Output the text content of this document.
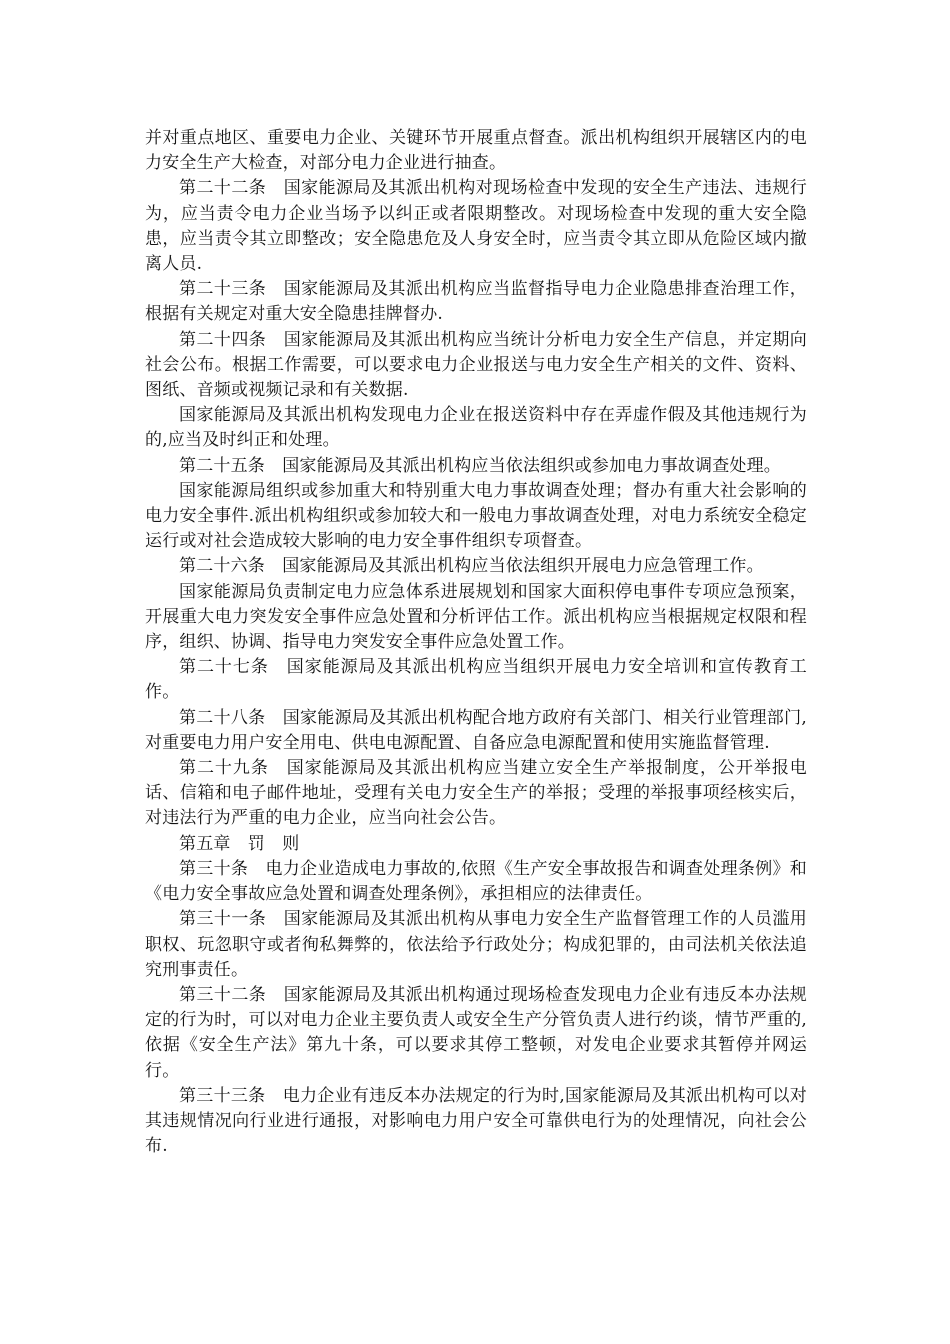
并对重点地区、重要电力企业、关键环节开展重点督查。派出机构组织开展辖区内的电力安全生产大检查，对部分电力企业进行抽查。

第二十二条　国家能源局及其派出机构对现场检查中发现的安全生产违法、违规行为，应当责令电力企业当场予以纠正或者限期整改。对现场检查中发现的重大安全隐患，应当责令其立即整改；安全隐患危及人身安全时，应当责令其立即从危险区域内撤离人员.

第二十三条　国家能源局及其派出机构应当监督指导电力企业隐患排查治理工作，根据有关规定对重大安全隐患挂牌督办.

第二十四条　国家能源局及其派出机构应当统计分析电力安全生产信息，并定期向社会公布。根据工作需要，可以要求电力企业报送与电力安全生产相关的文件、资料、图纸、音频或视频记录和有关数据.

国家能源局及其派出机构发现电力企业在报送资料中存在弄虚作假及其他违规行为的,应当及时纠正和处理。

第二十五条　国家能源局及其派出机构应当依法组织或参加电力事故调查处理。

国家能源局组织或参加重大和特别重大电力事故调查处理；督办有重大社会影响的电力安全事件.派出机构组织或参加较大和一般电力事故调查处理，对电力系统安全稳定运行或对社会造成较大影响的电力安全事件组织专项督查。

第二十六条　国家能源局及其派出机构应当依法组织开展电力应急管理工作。

国家能源局负责制定电力应急体系进展规划和国家大面积停电事件专项应急预案，开展重大电力突发安全事件应急处置和分析评估工作。派出机构应当根据规定权限和程序，组织、协调、指导电力突发安全事件应急处置工作。

第二十七条　国家能源局及其派出机构应当组织开展电力安全培训和宣传教育工作。

第二十八条　国家能源局及其派出机构配合地方政府有关部门、相关行业管理部门,对重要电力用户安全用电、供电电源配置、自备应急电源配置和使用实施监督管理.

第二十九条　国家能源局及其派出机构应当建立安全生产举报制度，公开举报电话、信箱和电子邮件地址，受理有关电力安全生产的举报；受理的举报事项经核实后，对违法行为严重的电力企业，应当向社会公告。

第五章　罚　则

第三十条　电力企业造成电力事故的,依照《生产安全事故报告和调查处理条例》和《电力安全事故应急处置和调查处理条例》，承担相应的法律责任。

第三十一条　国家能源局及其派出机构从事电力安全生产监督管理工作的人员滥用职权、玩忽职守或者徇私舞弊的，依法给予行政处分；构成犯罪的，由司法机关依法追究刑事责任。

第三十二条　国家能源局及其派出机构通过现场检查发现电力企业有违反本办法规定的行为时，可以对电力企业主要负责人或安全生产分管负责人进行约谈，情节严重的,依据《安全生产法》第九十条，可以要求其停工整顿，对发电企业要求其暂停并网运行。

第三十三条　电力企业有违反本办法规定的行为时,国家能源局及其派出机构可以对其违规情况向行业进行通报，对影响电力用户安全可靠供电行为的处理情况，向社会公布.
